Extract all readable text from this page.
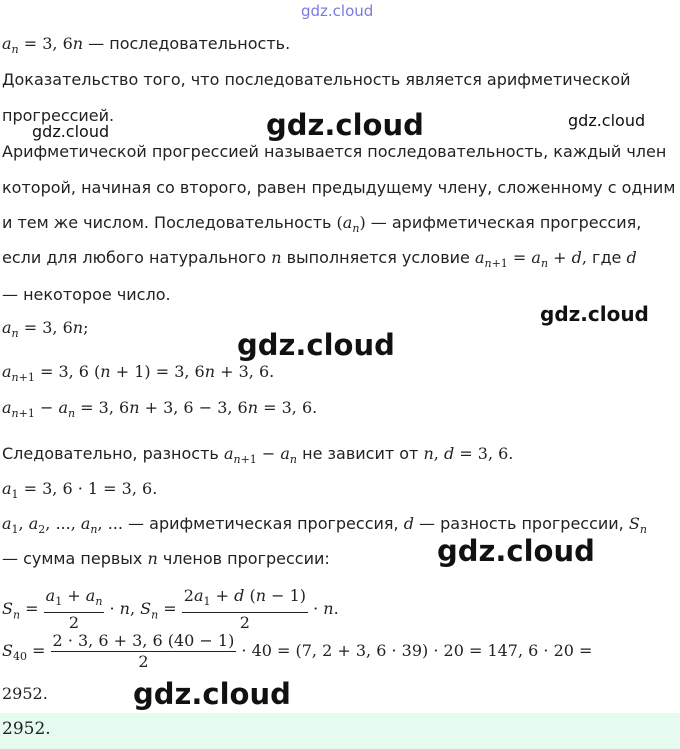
gdz.cloud
gdz.cloud	gdz.cloud	gdz.cloud
gdz.cloud
gdz.cloud
gdz.cloud
gdz.cloud
$a_n = 3$, 6n — последовательность.
Доказательство того, что последовательность является арифметической
прогрессией.
Арифметической прогрессией называется последовательность, каждый член
которой, начиная со второго, равен предыдущему члену, сложенному с одним
и тем же числом. Последовательность $(a_n)$ — арифметическая прогрессия,
если для любого натурального n выполняется условие $a_{n+1} = a_n + d$, где d
— некоторое число.
$a_n = 3$, 6n;
$a_{n+1} = 3$, 6 (n + 1) = 3, 6n + 3, 6.
$a_{n+1} - a_n = 3$, 6n + 3, 6 − 3, 6n = 3, 6.
Следовательно, разность $a_{n+1} - a_n$ не зависит от n, d = 3, 6.
$a_1 = 3$, 6 · 1 = 3, 6.
$a_1$, $a_2$, ..., $a_n$, ... — арифметическая прогрессия, d — разность прогрессии, $S_n$
— сумма первых n членов прогрессии:
$S_n = \frac{a_1 + a_n}{2} \cdot n$, $S_n = \frac{2a_1 + d (n - 1)}{2} \cdot n$.
$S_{40} = \frac{2 \cdot 3, 6 + 3, 6 (40 - 1)}{2} \cdot 40 = (7$, 2 + 3, 6 · 39) · 20 = 147, 6 · 20 =
2952.
2952.
